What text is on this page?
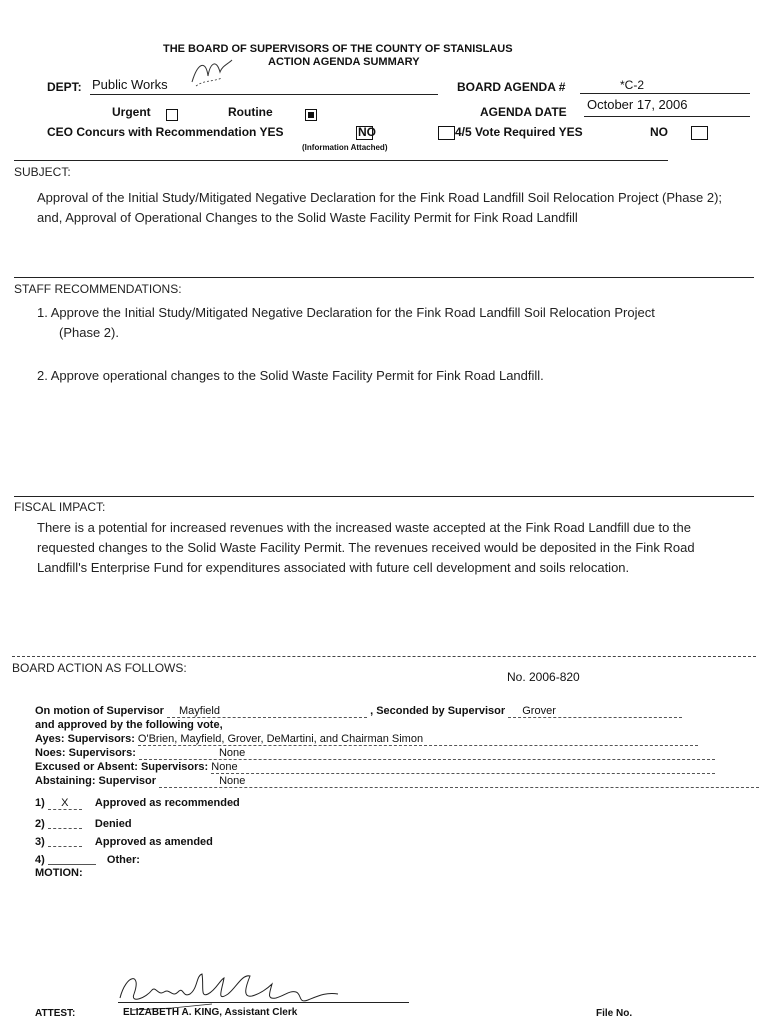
THE BOARD OF SUPERVISORS OF THE COUNTY OF STANISLAUS
ACTION AGENDA SUMMARY
DEPT: Public Works	BOARD AGENDA #	*C-2
Urgent
	Routine
	AGENDA DATE October 17, 2006
CEO Concurs with Recommendation YES
	NO

(Information Attached)
4/5 Vote Required YES
	NO
SUBJECT:
Approval of the Initial Study/Mitigated Negative Declaration for the Fink Road Landfill Soil Relocation Project (Phase 2); and, Approval of Operational Changes to the Solid Waste Facility Permit for Fink Road Landfill
STAFF RECOMMENDATIONS:
1. Approve the Initial Study/Mitigated Negative Declaration for the Fink Road Landfill Soil Relocation Project (Phase 2).
2. Approve operational changes to the Solid Waste Facility Permit for Fink Road Landfill.
FISCAL IMPACT:
There is a potential for increased revenues with the increased waste accepted at the Fink Road Landfill due to the requested changes to the Solid Waste Facility Permit. The revenues received would be deposited in the Fink Road Landfill's Enterprise Fund for expenditures associated with future cell development and soils relocation.
BOARD ACTION AS FOLLOWS:
No. 2006-820
On motion of Supervisor Mayfield	, Seconded by Supervisor Grover
and approved by the following vote,
Ayes: Supervisors: O'Brien, Mayfield, Grover, DeMartini, and Chairman Simon
Noes: Supervisors:	None
Excused or Absent: Supervisors: None
Abstaining: Supervisor	None
1) X Approved as recommended
2)	Denied
3)	Approved as amended
4)	Other:
MOTION:
ATTEST:	ELIZABETH A. KING, Assistant Clerk	File No.
